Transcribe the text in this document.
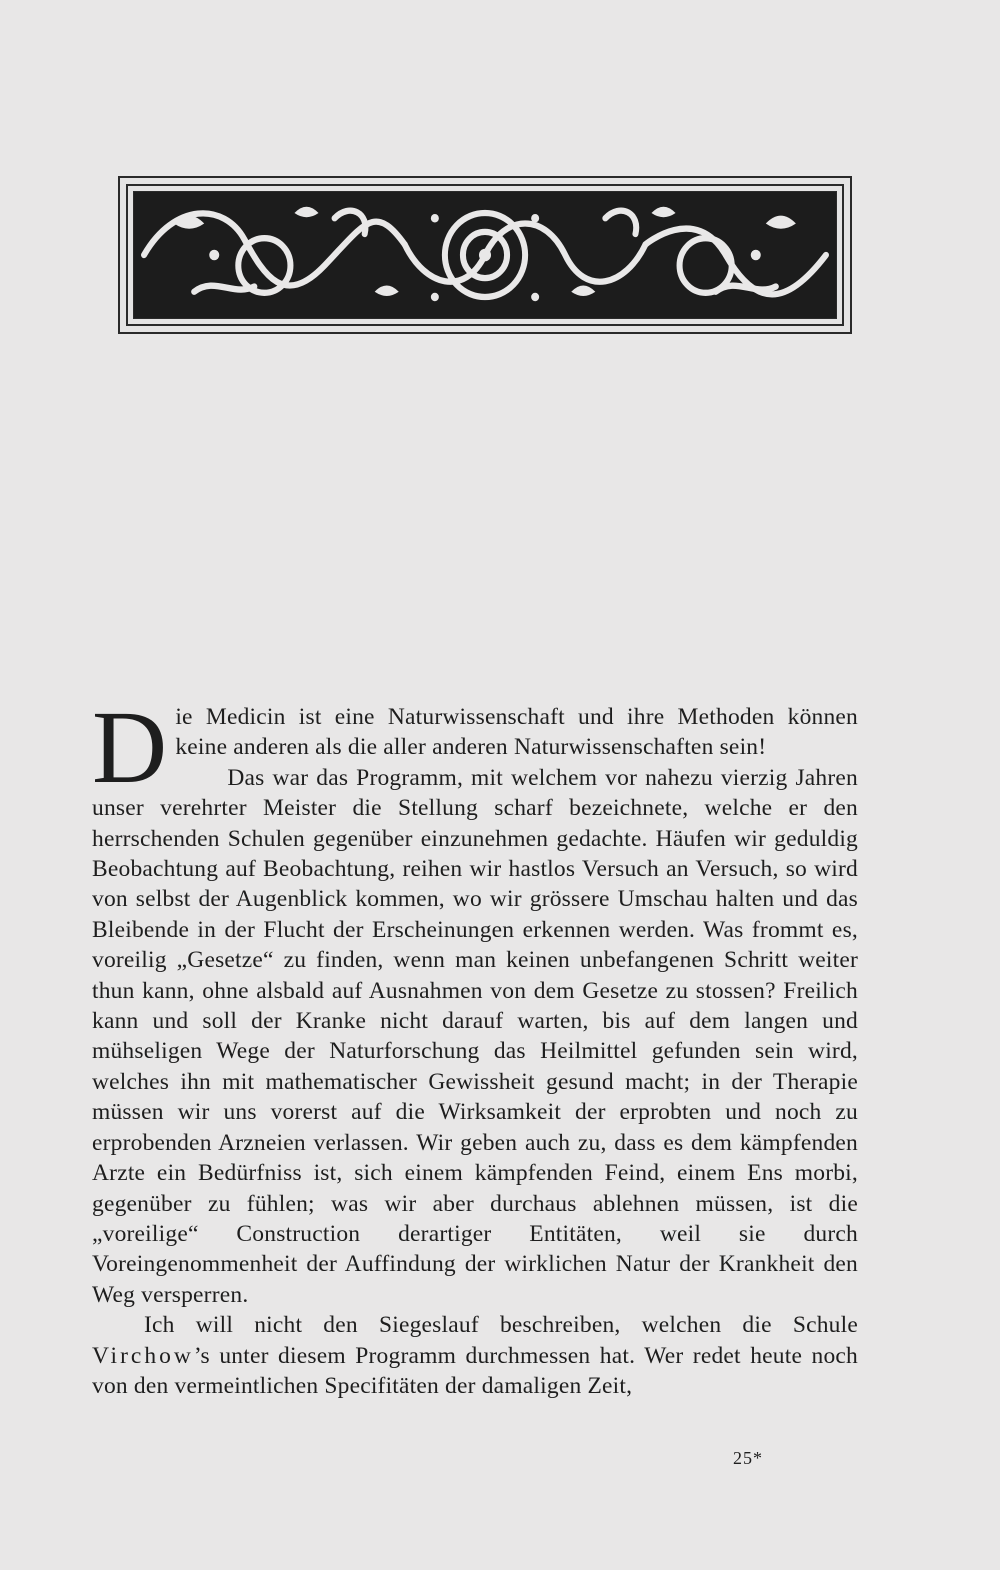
Die Medicin ist eine Naturwissenschaft und ihre Methoden können keine anderen als die aller anderen Naturwissenschaften sein!

Das war das Programm, mit welchem vor nahezu vierzig Jahren unser verehrter Meister die Stellung scharf bezeichnete, welche er den herrschenden Schulen gegenüber einzunehmen gedachte. Häufen wir geduldig Beobachtung auf Beobachtung, reihen wir hastlos Versuch an Versuch, so wird von selbst der Augenblick kommen, wo wir grössere Umschau halten und das Bleibende in der Flucht der Erscheinungen erkennen werden. Was frommt es, voreilig „Gesetze“ zu finden, wenn man keinen unbefangenen Schritt weiter thun kann, ohne alsbald auf Ausnahmen von dem Gesetze zu stossen? Freilich kann und soll der Kranke nicht darauf warten, bis auf dem langen und mühseligen Wege der Naturforschung das Heilmittel gefunden sein wird, welches ihn mit mathematischer Gewissheit gesund macht; in der Therapie müssen wir uns vorerst auf die Wirksamkeit der erprobten und noch zu erprobenden Arzneien verlassen. Wir geben auch zu, dass es dem kämpfenden Arzte ein Bedürfniss ist, sich einem kämpfenden Feind, einem Ens morbi, gegenüber zu fühlen; was wir aber durchaus ablehnen müssen, ist die „voreilige“ Construction derartiger Entitäten, weil sie durch Voreingenommenheit der Auffindung der wirklichen Natur der Krankheit den Weg versperren.

Ich will nicht den Siegeslauf beschreiben, welchen die Schule Virchow’s unter diesem Programm durchmessen hat. Wer redet heute noch von den vermeintlichen Specifitäten der damaligen Zeit,

25*
